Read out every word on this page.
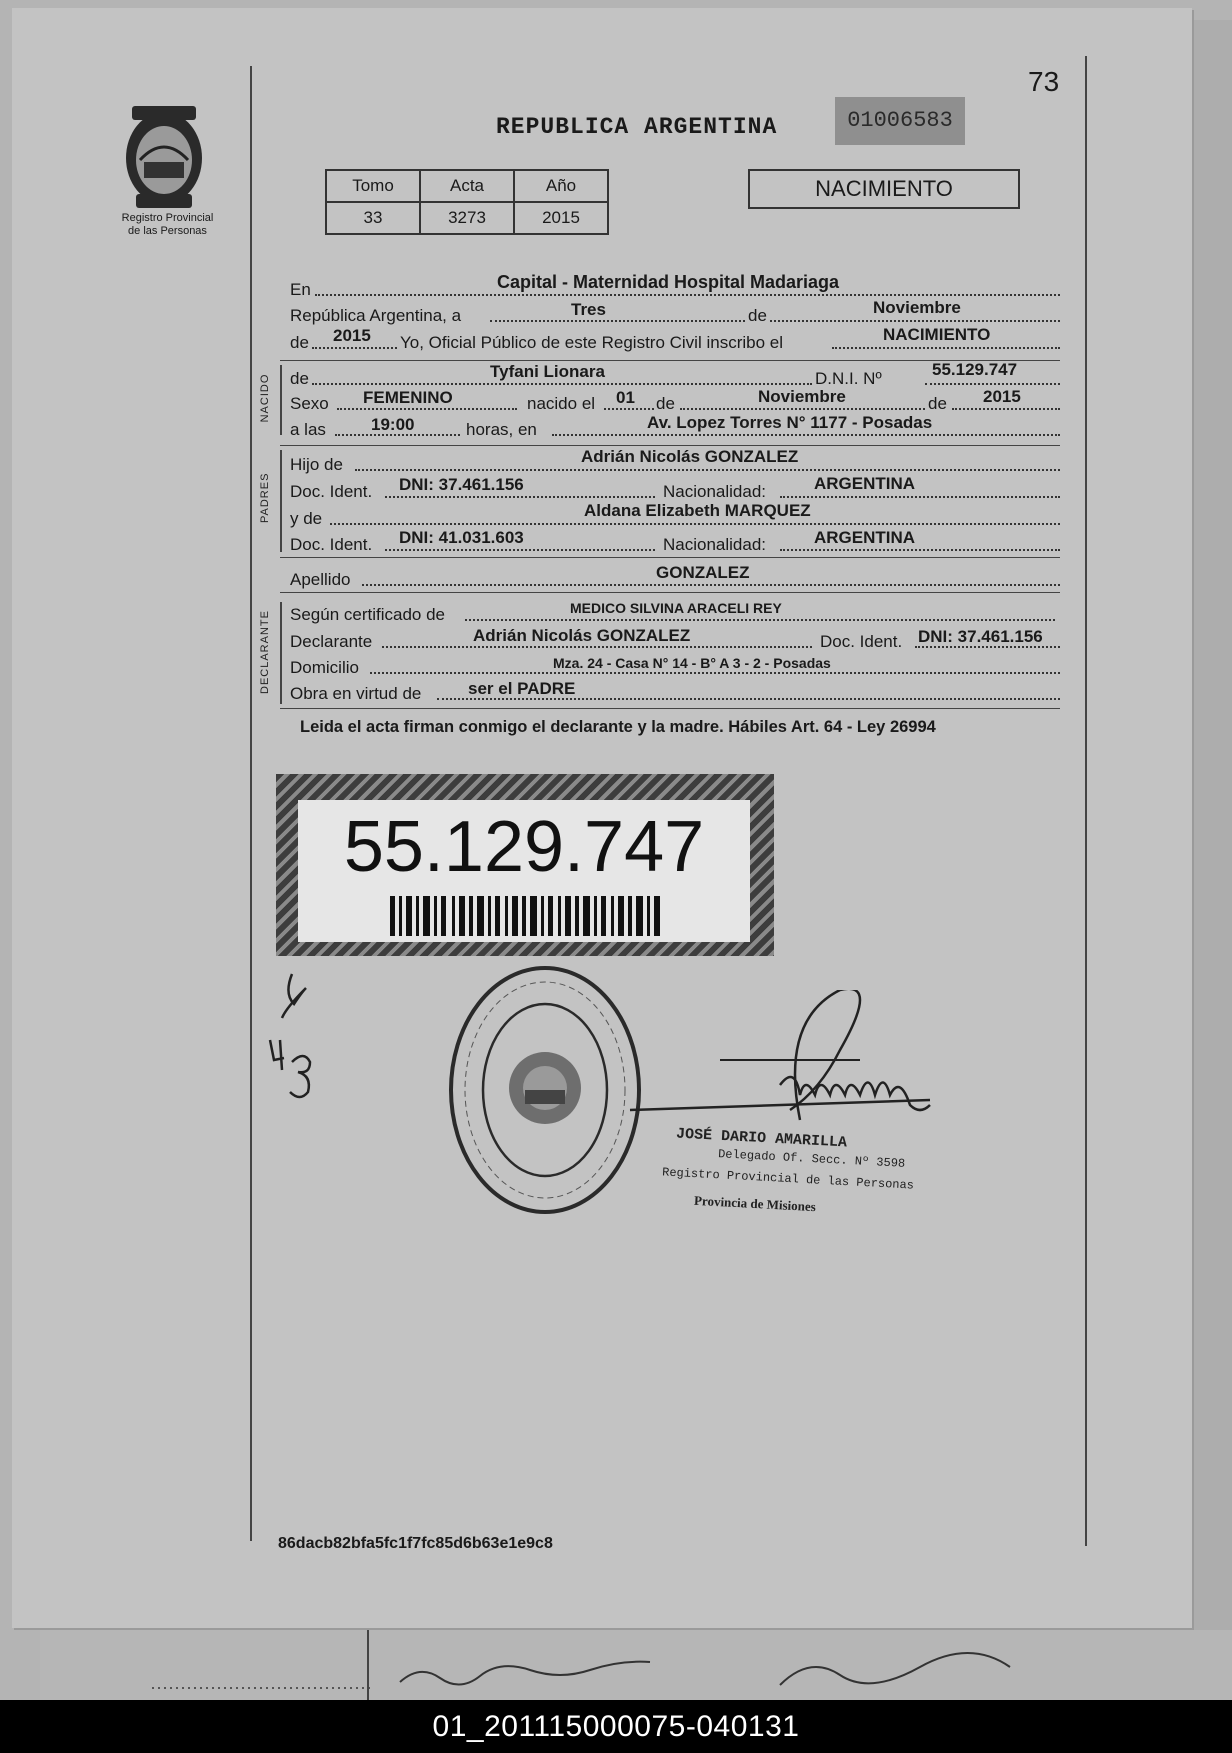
73
Registro Provincial
de las Personas
REPUBLICA ARGENTINA	01006583
Tomo	Acta	Año
33	3273	2015
NACIMIENTO
En	Capital - Maternidad Hospital Madariaga
República Argentina, a	Tres	de	Noviembre
de 2015 Yo, Oficial Público de este Registro Civil inscribo el	NACIMIENTO
NACIDO
PADRES
DECLARANTE
de	Tyfani Lionara	D.N.I. Nº	55.129.747
Sexo FEMENINO	nacido el 01 de	Noviembre	de 2015
a las	19:00	horas, en	Av. Lopez Torres N° 1177 - Posadas
Hijo de	Adrián Nicolás GONZALEZ
Doc. Ident. DNI: 37.461.156	Nacionalidad:	ARGENTINA
y de	Aldana Elizabeth MARQUEZ
Doc. Ident. DNI: 41.031.603	Nacionalidad:	ARGENTINA
Apellido	GONZALEZ
Según certificado de	MEDICO SILVINA ARACELI REY
Declarante	Adrián Nicolás GONZALEZ	Doc. Ident. DNI: 37.461.156
Domicilio	Mza. 24 - Casa N° 14 - B° A 3 - 2 - Posadas
Obra en virtud de	ser el PADRE
Leida el acta firman conmigo el declarante y la madre. Hábiles Art. 64 - Ley 26994
55.129.747
JOSÉ DARIO AMARILLA
Delegado Of. Secc. Nº 3598
Registro Provincial de las Personas
Provincia de Misiones
86dacb82bfa5fc1f7fc85d6b63e1e9c8
01_201115000075-040131
